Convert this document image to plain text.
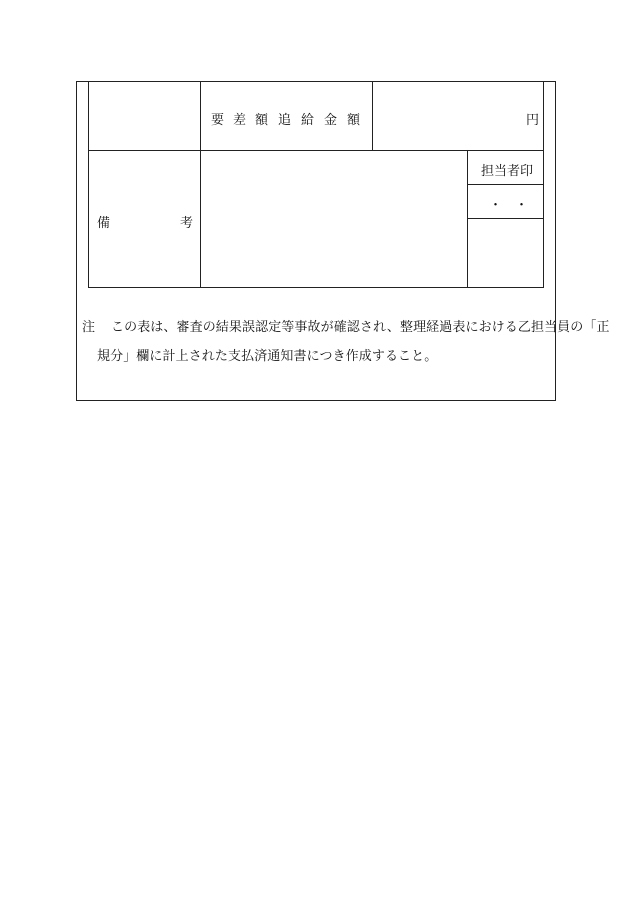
要 差 額 追 給 金 額	円
備	考
担当者印
・　・
注 この表は、審査の結果誤認定等事故が確認され、整理経過表における乙担当員の「正
規分」欄に計上された支払済通知書につき作成すること。
